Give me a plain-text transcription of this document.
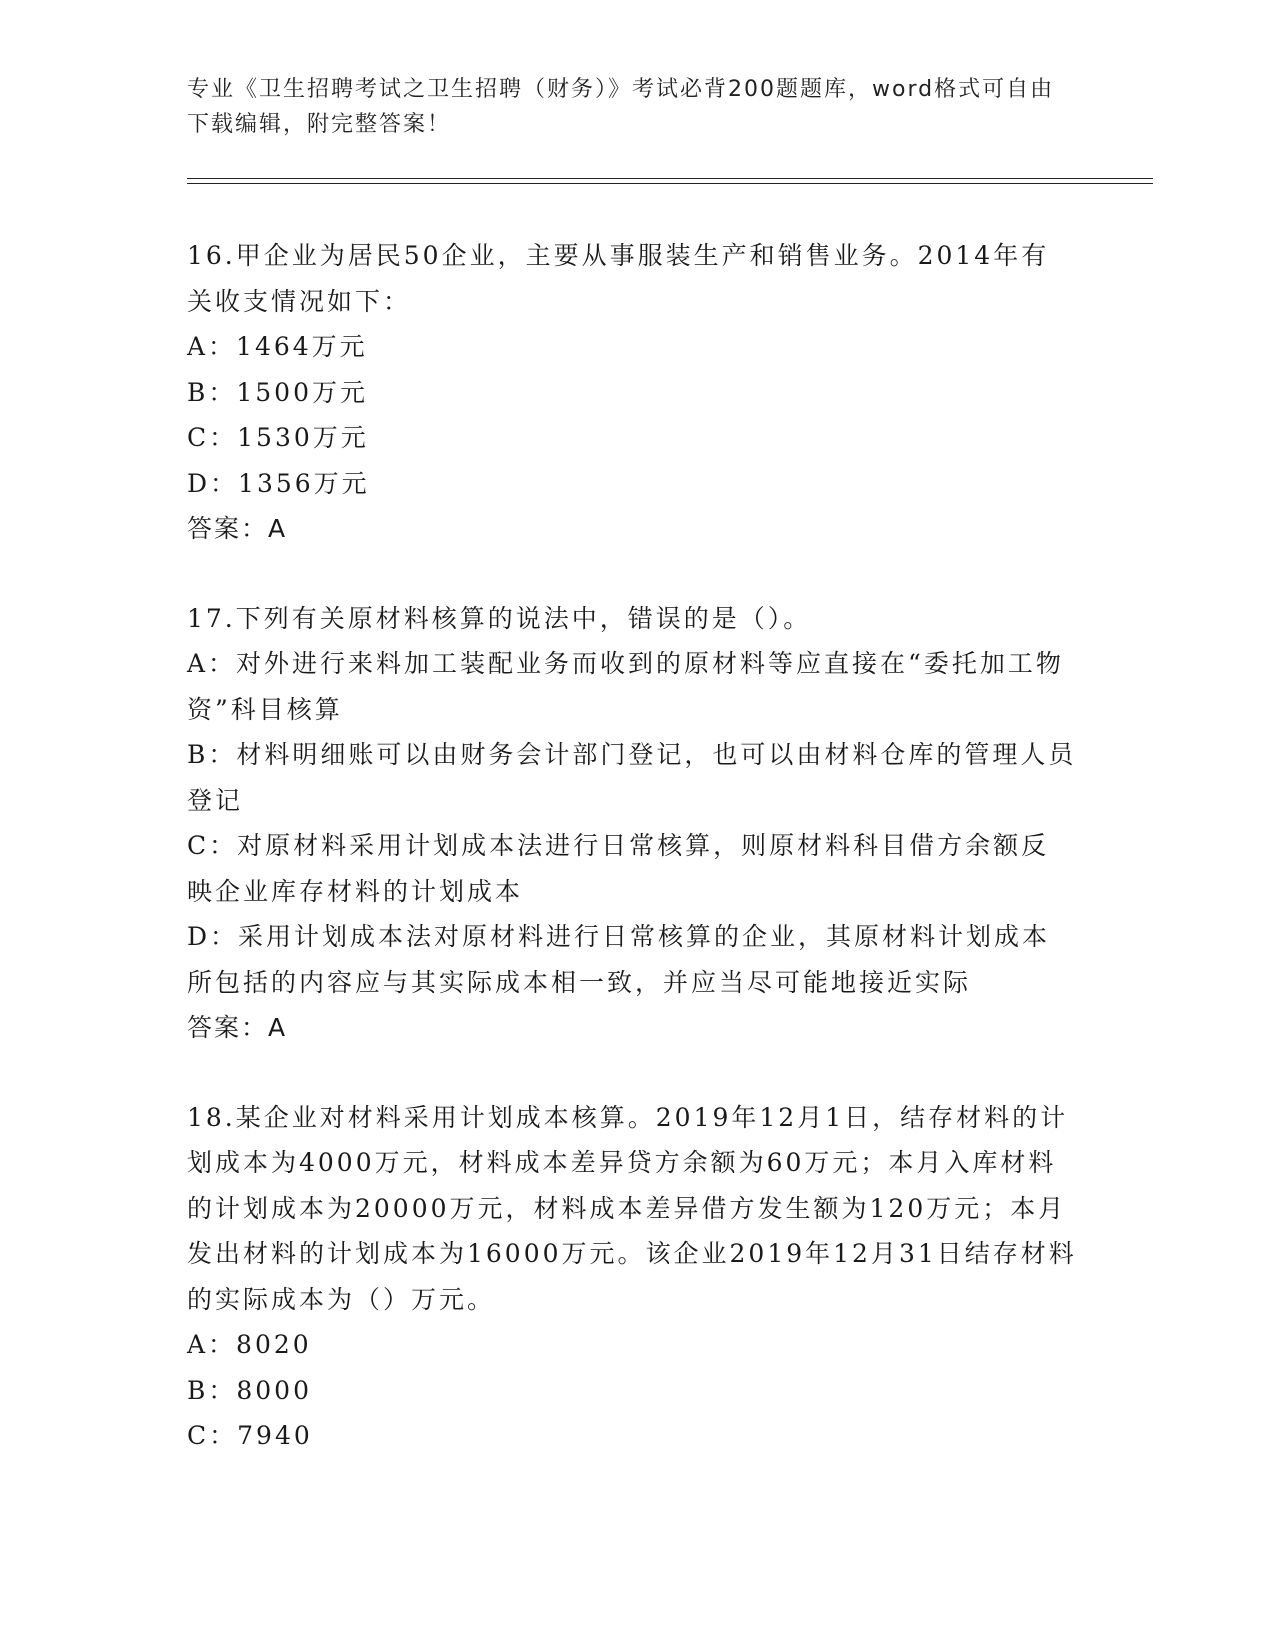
专业《卫生招聘考试之卫生招聘（财务）》考试必背200题题库，word格式可自由下载编辑，附完整答案！
16.甲企业为居民50企业，主要从事服装生产和销售业务。2014年有关收支情况如下：
A：1464万元
B：1500万元
C：1530万元
D：1356万元
答案：A
17.下列有关原材料核算的说法中，错误的是（）。
A：对外进行来料加工装配业务而收到的原材料等应直接在“委托加工物资”科目核算
B：材料明细账可以由财务会计部门登记，也可以由材料仓库的管理人员登记
C：对原材料采用计划成本法进行日常核算，则原材料科目借方余额反映企业库存材料的计划成本
D：采用计划成本法对原材料进行日常核算的企业，其原材料计划成本所包括的内容应与其实际成本相一致，并应当尽可能地接近实际
答案：A
18.某企业对材料采用计划成本核算。2019年12月1日，结存材料的计划成本为4000万元，材料成本差异贷方余额为60万元；本月入库材料的计划成本为20000万元，材料成本差异借方发生额为120万元；本月发出材料的计划成本为16000万元。该企业2019年12月31日结存材料的实际成本为（）万元。
A：8020
B：8000
C：7940
